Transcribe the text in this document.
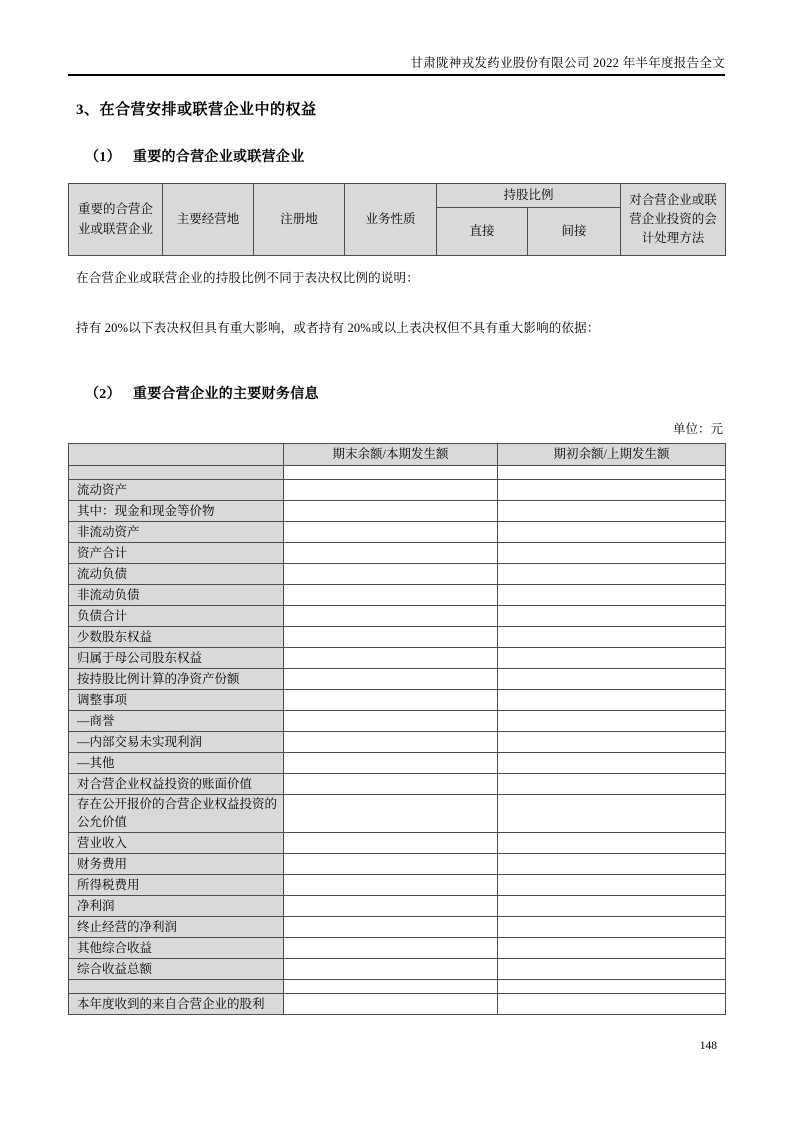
甘肃陇神戎发药业股份有限公司 2022 年半年度报告全文
3、在合营安排或联营企业中的权益
（1） 重要的合营企业或联营企业
重要的合营企业或联营企业	主要经营地	注册地	业务性质	持股比例		对合营企业或联营企业投资的会计处理方法
				直接	间接	
在合营企业或联营企业的持股比例不同于表决权比例的说明：
持有 20%以下表决权但具有重大影响，或者持有 20%或以上表决权但不具有重大影响的依据：
（2） 重要合营企业的主要财务信息
单位：元
	期末余额/本期发生额	期初余额/上期发生额

流动资产		
其中：现金和现金等价物		
非流动资产		
资产合计		
流动负债		
非流动负债		
负债合计		
少数股东权益		
归属于母公司股东权益		
按持股比例计算的净资产份额		
调整事项		
—商誉		
—内部交易未实现利润		
—其他		
对合营企业权益投资的账面价值		
存在公开报价的合营企业权益投资的公允价值		
营业收入		
财务费用		
所得税费用		
净利润		
终止经营的净利润		
其他综合收益		
综合收益总额		

本年度收到的来自合营企业的股利		
148
